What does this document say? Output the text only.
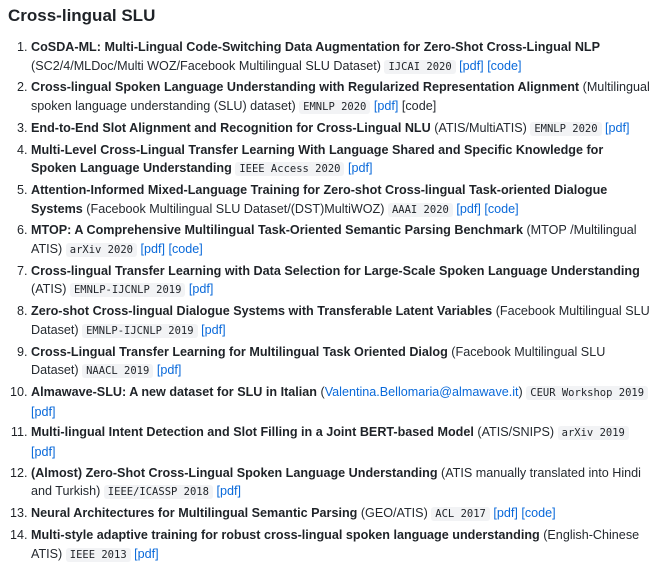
Cross-lingual SLU
1. CoSDA-ML: Multi-Lingual Code-Switching Data Augmentation for Zero-Shot Cross-Lingual NLP (SC2/4/MLDoc/Multi WOZ/Facebook Multilingual SLU Dataset) IJCAI 2020 [pdf] [code]
2. Cross-lingual Spoken Language Understanding with Regularized Representation Alignment (Multilingual spoken language understanding (SLU) dataset) EMNLP 2020 [pdf] [code]
3. End-to-End Slot Alignment and Recognition for Cross-Lingual NLU (ATIS/MultiATIS) EMNLP 2020 [pdf]
4. Multi-Level Cross-Lingual Transfer Learning With Language Shared and Specific Knowledge for Spoken Language Understanding IEEE Access 2020 [pdf]
5. Attention-Informed Mixed-Language Training for Zero-shot Cross-lingual Task-oriented Dialogue Systems (Facebook Multilingual SLU Dataset/(DST)MultiWOZ) AAAI 2020 [pdf] [code]
6. MTOP: A Comprehensive Multilingual Task-Oriented Semantic Parsing Benchmark (MTOP /Multilingual ATIS) arXiv 2020 [pdf] [code]
7. Cross-lingual Transfer Learning with Data Selection for Large-Scale Spoken Language Understanding (ATIS) EMNLP-IJCNLP 2019 [pdf]
8. Zero-shot Cross-lingual Dialogue Systems with Transferable Latent Variables (Facebook Multilingual SLU Dataset) EMNLP-IJCNLP 2019 [pdf]
9. Cross-Lingual Transfer Learning for Multilingual Task Oriented Dialog (Facebook Multilingual SLU Dataset) NAACL 2019 [pdf]
10. Almawave-SLU: A new dataset for SLU in Italian (Valentina.Bellomaria@almawave.it) CEUR Workshop 2019 [pdf]
11. Multi-lingual Intent Detection and Slot Filling in a Joint BERT-based Model (ATIS/SNIPS) arXiv 2019 [pdf]
12. (Almost) Zero-Shot Cross-Lingual Spoken Language Understanding (ATIS manually translated into Hindi and Turkish) IEEE/ICASSP 2018 [pdf]
13. Neural Architectures for Multilingual Semantic Parsing (GEO/ATIS) ACL 2017 [pdf] [code]
14. Multi-style adaptive training for robust cross-lingual spoken language understanding (English-Chinese ATIS) IEEE 2013 [pdf]
